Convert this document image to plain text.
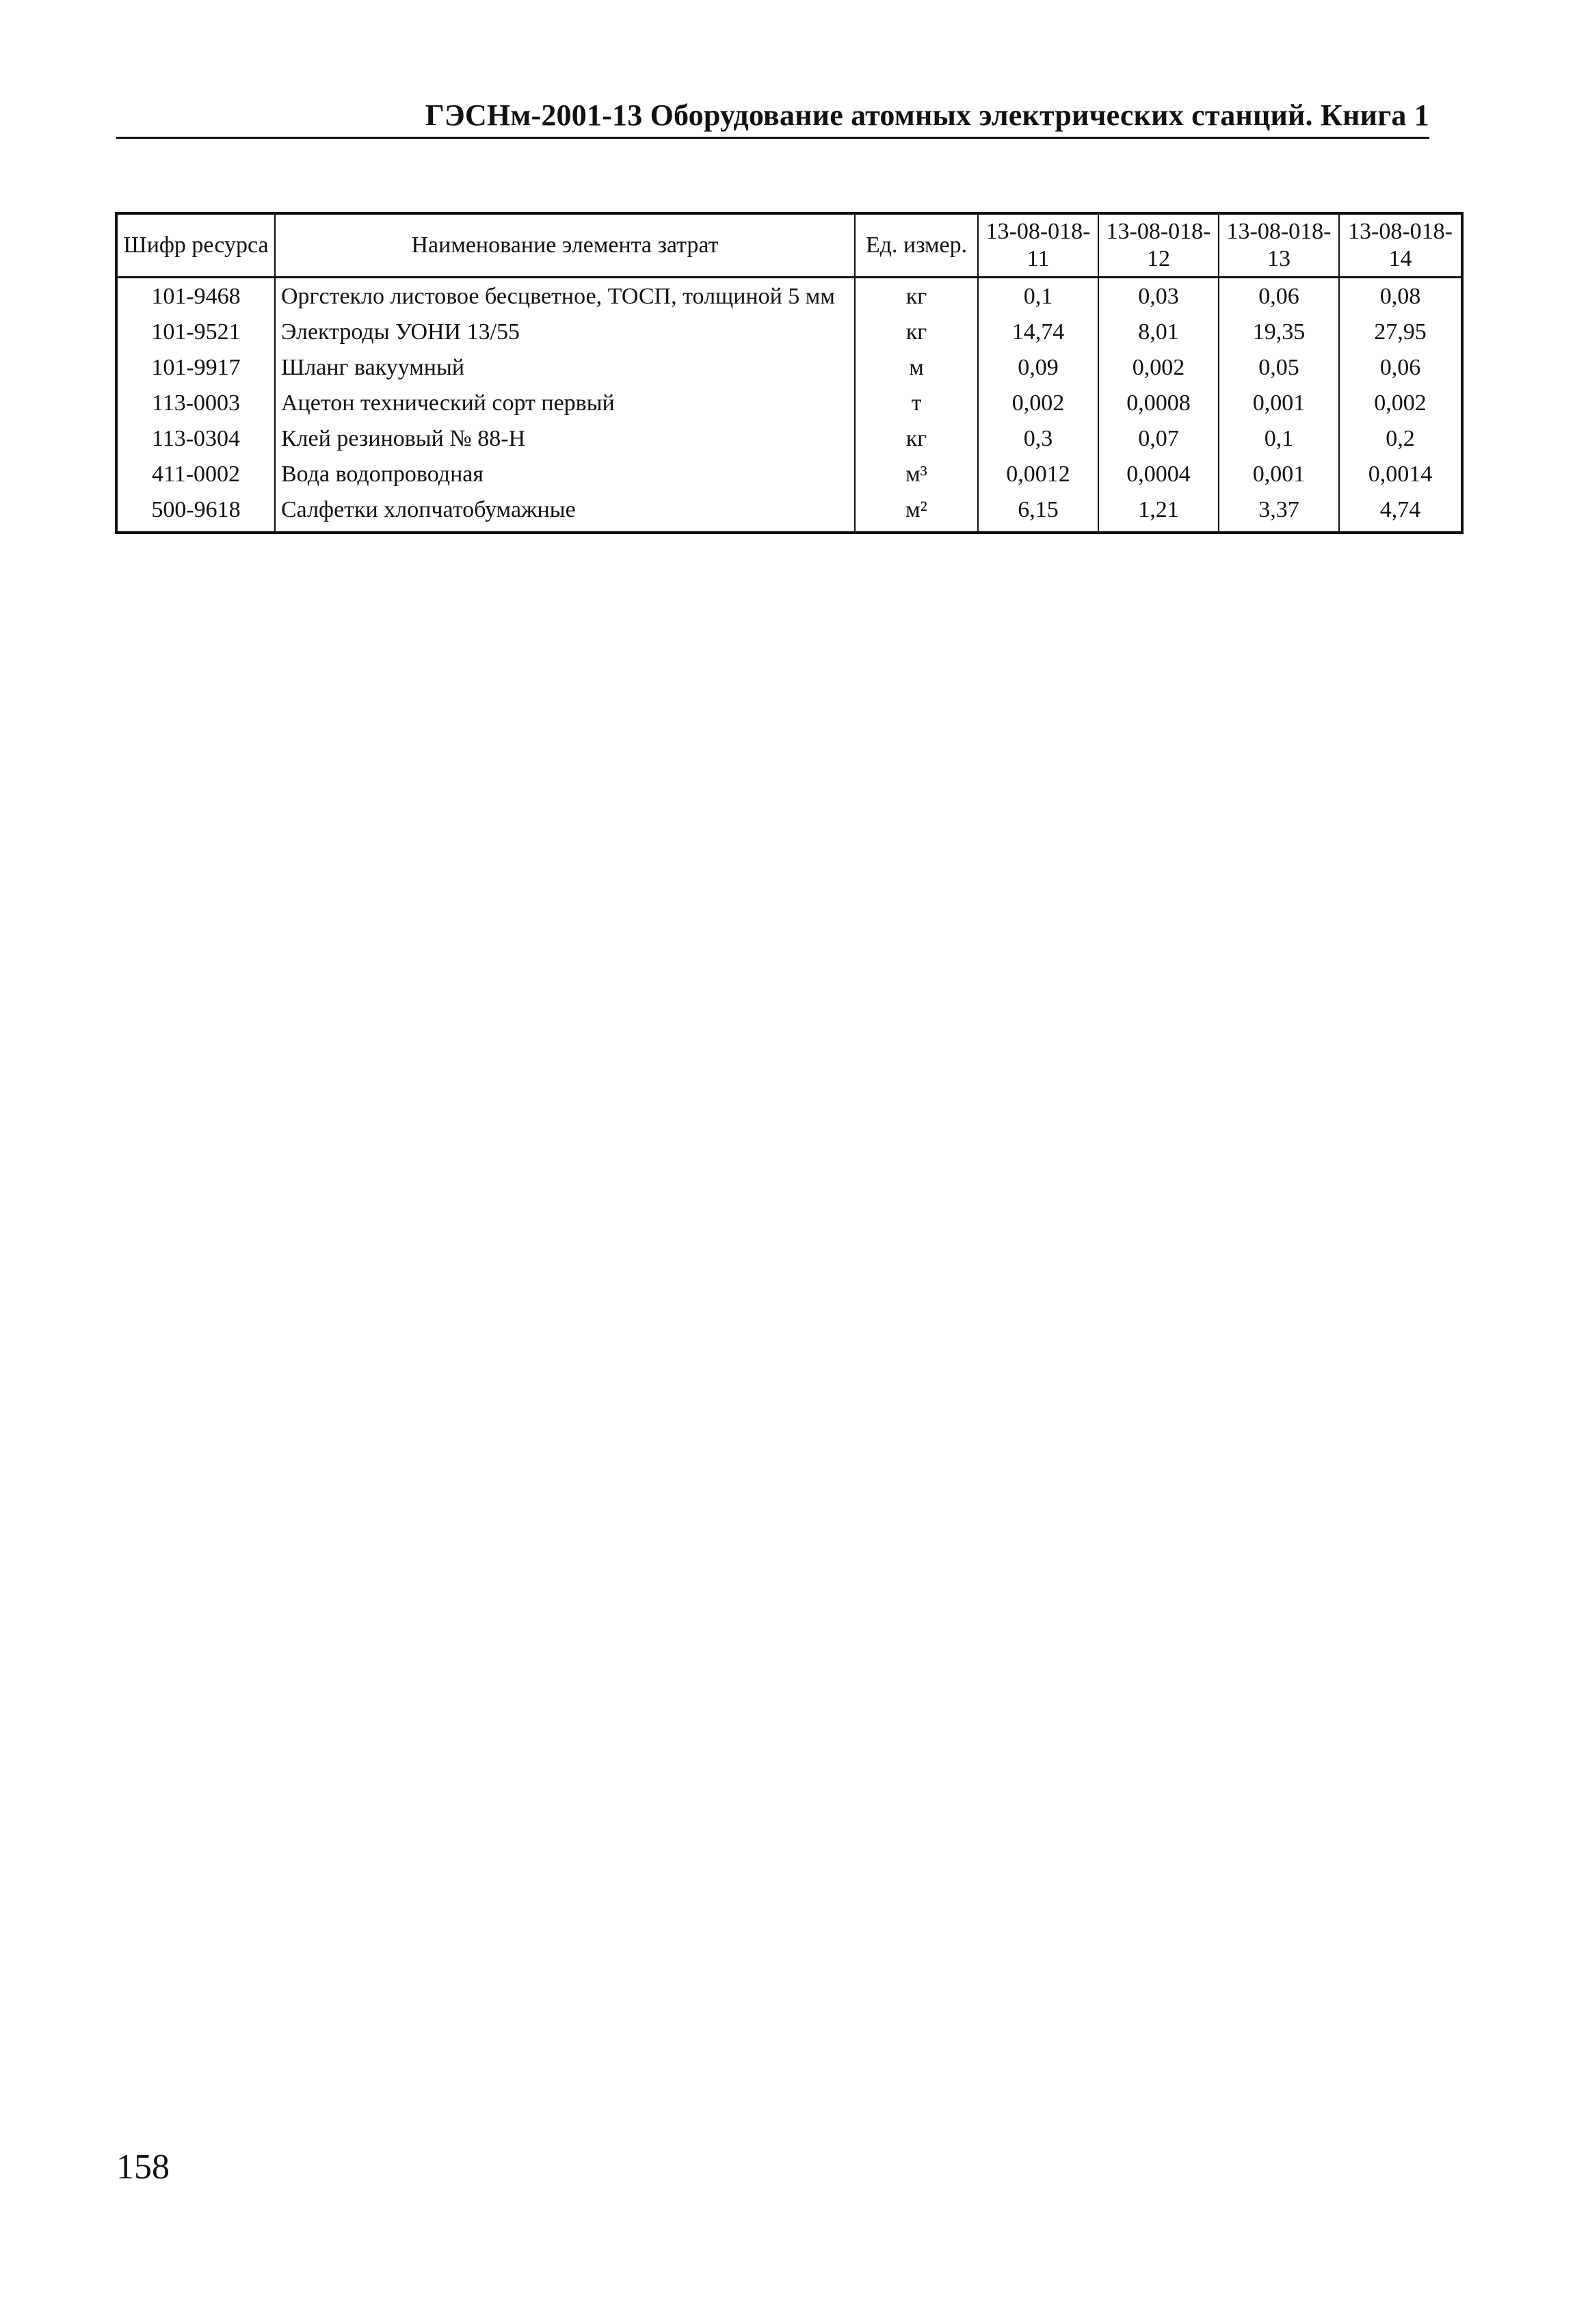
ГЭСНм-2001-13 Оборудование атомных электрических станций. Книга 1
Шифр ресурса	Наименование элемента затрат	Ед. измер.	13-08-018-11	13-08-018-12	13-08-018-13	13-08-018-14
101-9468	Оргстекло листовое бесцветное, ТОСП, толщиной 5 мм	кг	0,1	0,03	0,06	0,08
101-9521	Электроды УОНИ 13/55	кг	14,74	8,01	19,35	27,95
101-9917	Шланг вакуумный	м	0,09	0,002	0,05	0,06
113-0003	Ацетон технический сорт первый	т	0,002	0,0008	0,001	0,002
113-0304	Клей резиновый № 88-Н	кг	0,3	0,07	0,1	0,2
411-0002	Вода водопроводная	м³	0,0012	0,0004	0,001	0,0014
500-9618	Салфетки хлопчатобумажные	м²	6,15	1,21	3,37	4,74
158
